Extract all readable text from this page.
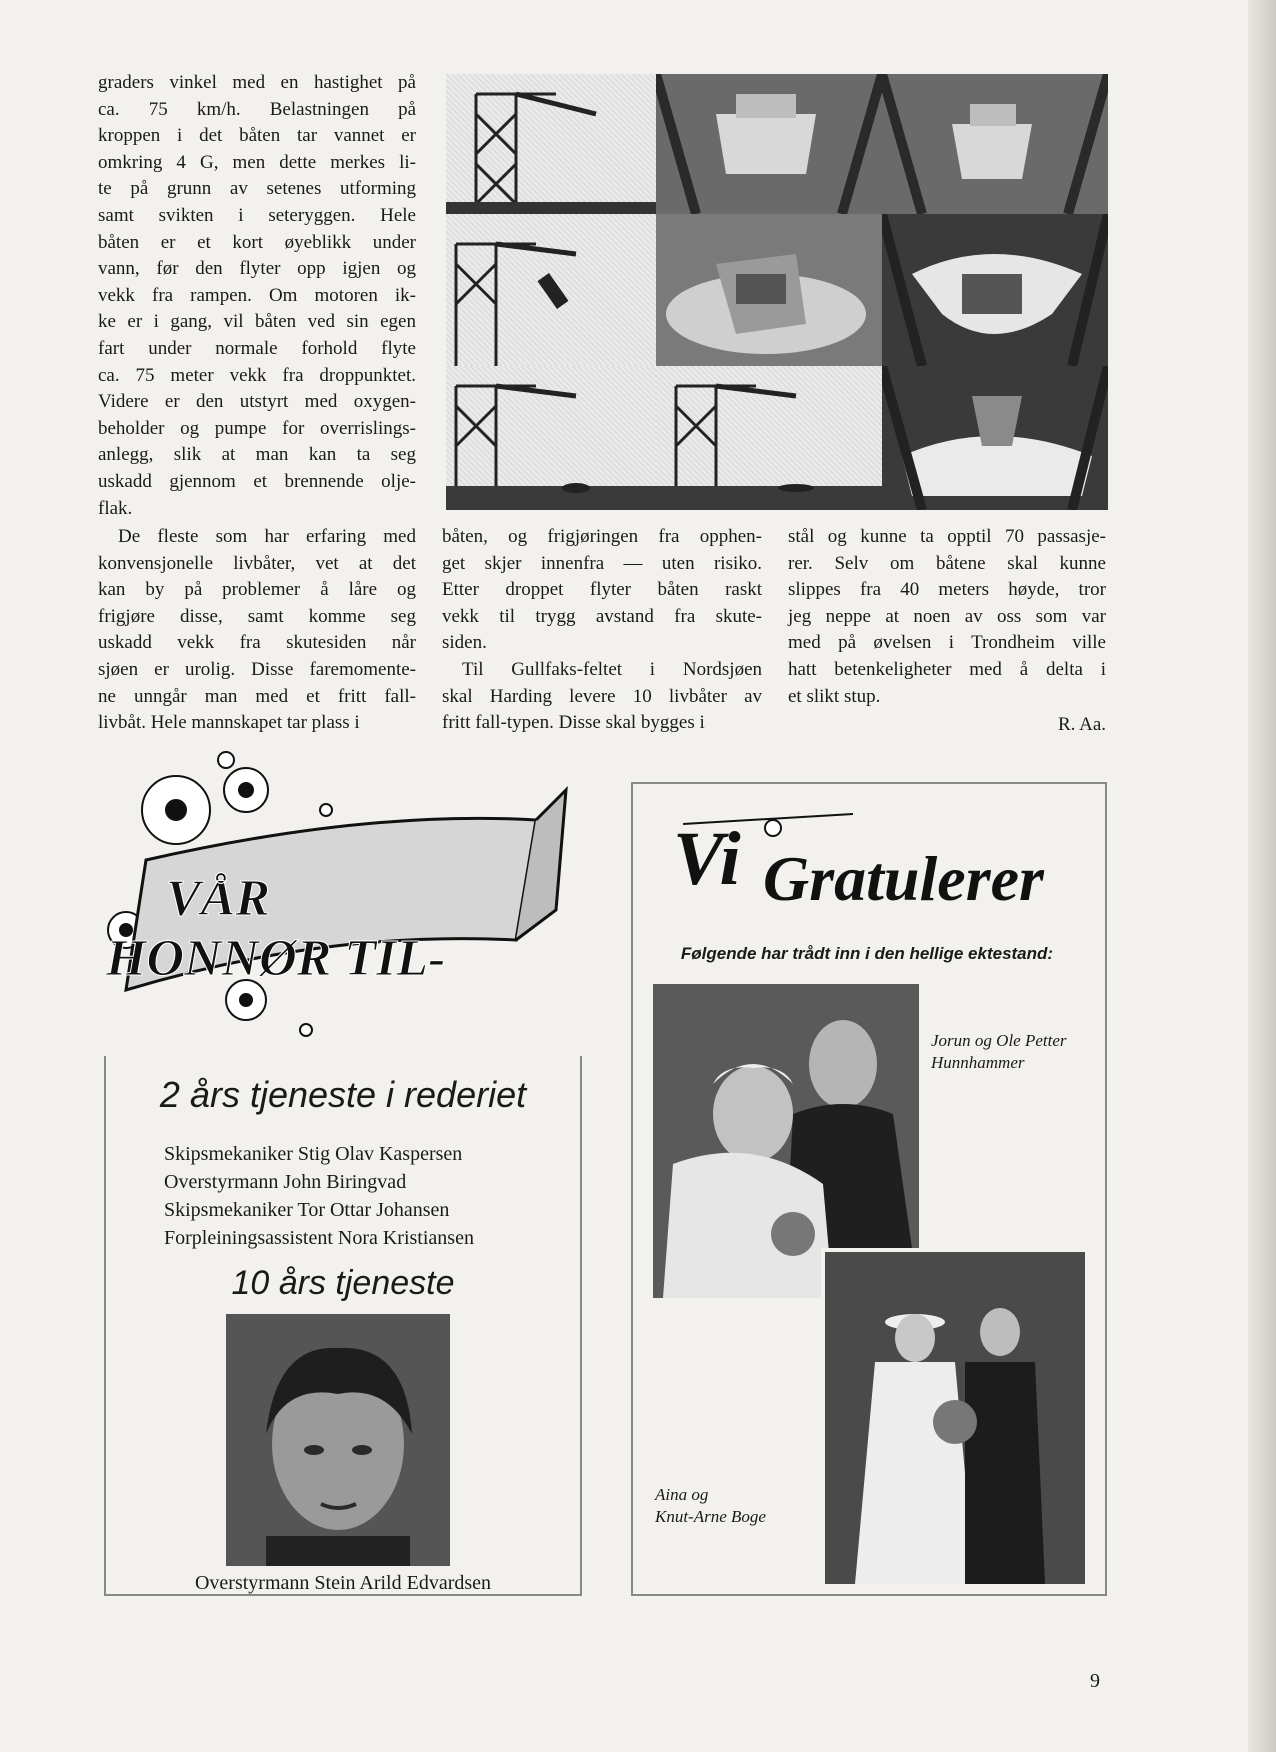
graders vinkel med en hastighet på
ca. 75 km/h. Belastningen på
kroppen i det båten tar vannet er
omkring 4 G, men dette merkes li-
te på grunn av setenes utforming
samt svikten i seteryggen. Hele
båten er et kort øyeblikk under
vann, før den flyter opp igjen og
vekk fra rampen. Om motoren ik-
ke er i gang, vil båten ved sin egen
fart under normale forhold flyte
ca. 75 meter vekk fra droppunktet.
Videre er den utstyrt med oxygen-
beholder og pumpe for overrislings-
anlegg, slik at man kan ta seg
uskadd gjennom et brennende olje-
flak.
De fleste som har erfaring med
konvensjonelle livbåter, vet at det
kan by på problemer å låre og
frigjøre disse, samt komme seg
uskadd vekk fra skutesiden når
sjøen er urolig. Disse faremomente-
ne unngår man med et fritt fall-
livbåt. Hele mannskapet tar plass i
båten, og frigjøringen fra opphen-
get skjer innenfra — uten risiko.
Etter droppet flyter båten raskt
vekk til trygg avstand fra skute-
siden.
Til Gullfaks-feltet i Nordsjøen
skal Harding levere 10 livbåter av
fritt fall-typen. Disse skal bygges i
stål og kunne ta opptil 70 passasje-
rer. Selv om båtene skal kunne
slippes fra 40 meters høyde, tror
jeg neppe at noen av oss som var
med på øvelsen i Trondheim ville
hatt betenkeligheter med å delta i
et slikt stup.
R. Aa.
VÅR
HONNØR TIL-
2 års tjeneste i rederiet
Skipsmekaniker Stig Olav Kaspersen
Overstyrmann John Biringvad
Skipsmekaniker Tor Ottar Johansen
Forpleiningsassistent Nora Kristiansen
10 års tjeneste
Overstyrmann Stein Arild Edvardsen
Vi Gratulerer
Følgende har trådt inn i den hellige ektestand:
Jorun og Ole Petter
Hunnhammer
Aina og
Knut-Arne Boge
9
